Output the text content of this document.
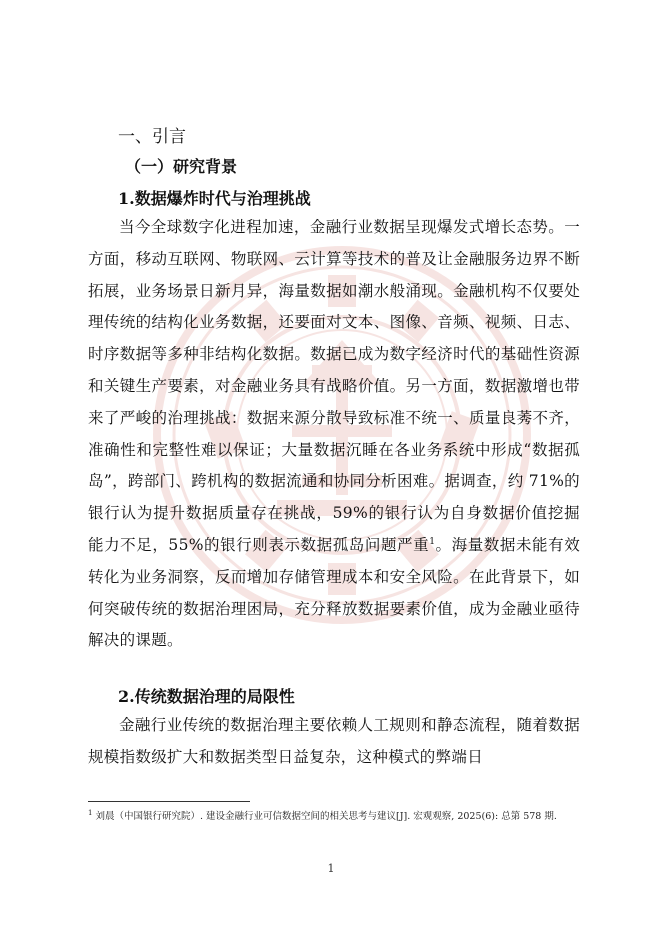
一、引言
（一）研究背景
1.数据爆炸时代与治理挑战
当今全球数字化进程加速，金融行业数据呈现爆发式增长态势。一方面，移动互联网、物联网、云计算等技术的普及让金融服务边界不断拓展，业务场景日新月异，海量数据如潮水般涌现。金融机构不仅要处理传统的结构化业务数据，还要面对文本、图像、音频、视频、日志、时序数据等多种非结构化数据。数据已成为数字经济时代的基础性资源和关键生产要素，对金融业务具有战略价值。另一方面，数据激增也带来了严峻的治理挑战：数据来源分散导致标准不统一、质量良莠不齐，准确性和完整性难以保证；大量数据沉睡在各业务系统中形成“数据孤岛”，跨部门、跨机构的数据流通和协同分析困难。据调查，约 71%的银行认为提升数据质量存在挑战，59%的银行认为自身数据价值挖掘能力不足，55%的银行则表示数据孤岛问题严重$^1$。海量数据未能有效转化为业务洞察，反而增加存储管理成本和安全风险。在此背景下，如何突破传统的数据治理困局，充分释放数据要素价值，成为金融业亟待解决的课题。
2.传统数据治理的局限性
金融行业传统的数据治理主要依赖人工规则和静态流程，随着数据规模指数级扩大和数据类型日益复杂，这种模式的弊端日
$^1$ 刘晨（中国银行研究院）. 建设金融行业可信数据空间的相关思考与建议[J]. 宏观观察, 2025(6): 总第 578 期.
1
